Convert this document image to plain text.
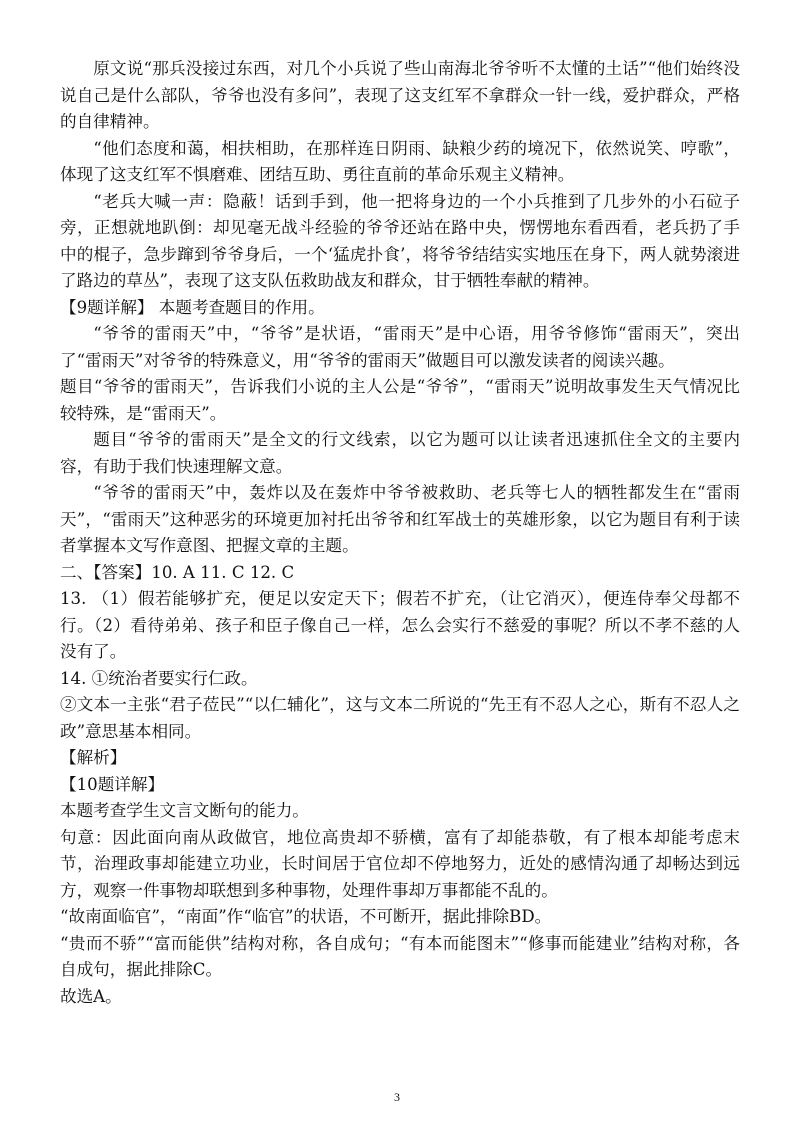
原文说“那兵没接过东西，对几个小兵说了些山南海北爷爷听不太懂的土话”“他们始终没说自己是什么部队，爷爷也没有多问”，表现了这支红军不拿群众一针一线，爱护群众，严格的自律精神。

“他们态度和蔼，相扶相助，在那样连日阴雨、缺粮少药的境况下，依然说笑、哼歌”，体现了这支红军不惧磨难、团结互助、勇往直前的革命乐观主义精神。

“老兵大喊一声：隐蔽！话到手到，他一把将身边的一个小兵推到了几步外的小石砬子旁，正想就地趴倒：却见毫无战斗经验的爷爷还站在路中央，愣愣地东看西看，老兵扔了手中的棍子，急步蹿到爷爷身后，一个‘猛虎扑食’，将爷爷结结实实地压在身下，两人就势滚进了路边的草丛”，表现了这支队伍救助战友和群众，甘于牺牲奉献的精神。

【9题详解】 本题考查题目的作用。

“爷爷的雷雨天”中，“爷爷”是状语，“雷雨天”是中心语，用爷爷修饰“雷雨天”，突出了“雷雨天”对爷爷的特殊意义，用“爷爷的雷雨天”做题目可以激发读者的阅读兴趣。

题目“爷爷的雷雨天”，告诉我们小说的主人公是“爷爷”，“雷雨天”说明故事发生天气情况比较特殊，是“雷雨天”。

题目“爷爷的雷雨天”是全文的行文线索，以它为题可以让读者迅速抓住全文的主要内容，有助于我们快速理解文意。

“爷爷的雷雨天”中，轰炸以及在轰炸中爷爷被救助、老兵等七人的牺牲都发生在“雷雨天”，“雷雨天”这种恶劣的环境更加衬托出爷爷和红军战士的英雄形象，以它为题目有利于读者掌握本文写作意图、把握文章的主题。

二、【答案】10. A 11. C 12. C

13. （1）假若能够扩充，便足以安定天下；假若不扩充，（让它消灭），便连侍奉父母都不行。（2）看待弟弟、孩子和臣子像自己一样，怎么会实行不慈爱的事呢？所以不孝不慈的人没有了。

14. ①统治者要实行仁政。

②文本一主张“君子莅民”“以仁辅化”，这与文本二所说的“先王有不忍人之心，斯有不忍人之政”意思基本相同。

【解析】

【10题详解】

本题考查学生文言文断句的能力。

句意：因此面向南从政做官，地位高贵却不骄横，富有了却能恭敬，有了根本却能考虑末节，治理政事却能建立功业，长时间居于官位却不停地努力，近处的感情沟通了却畅达到远方，观察一件事物却联想到多种事物，处理件事却万事都能不乱的。

“故南面临官”，“南面”作“临官”的状语，不可断开，据此排除BD。

“贵而不骄”“富而能供”结构对称，各自成句；“有本而能图末”“修事而能建业”结构对称，各自成句，据此排除C。

故选A。

3
